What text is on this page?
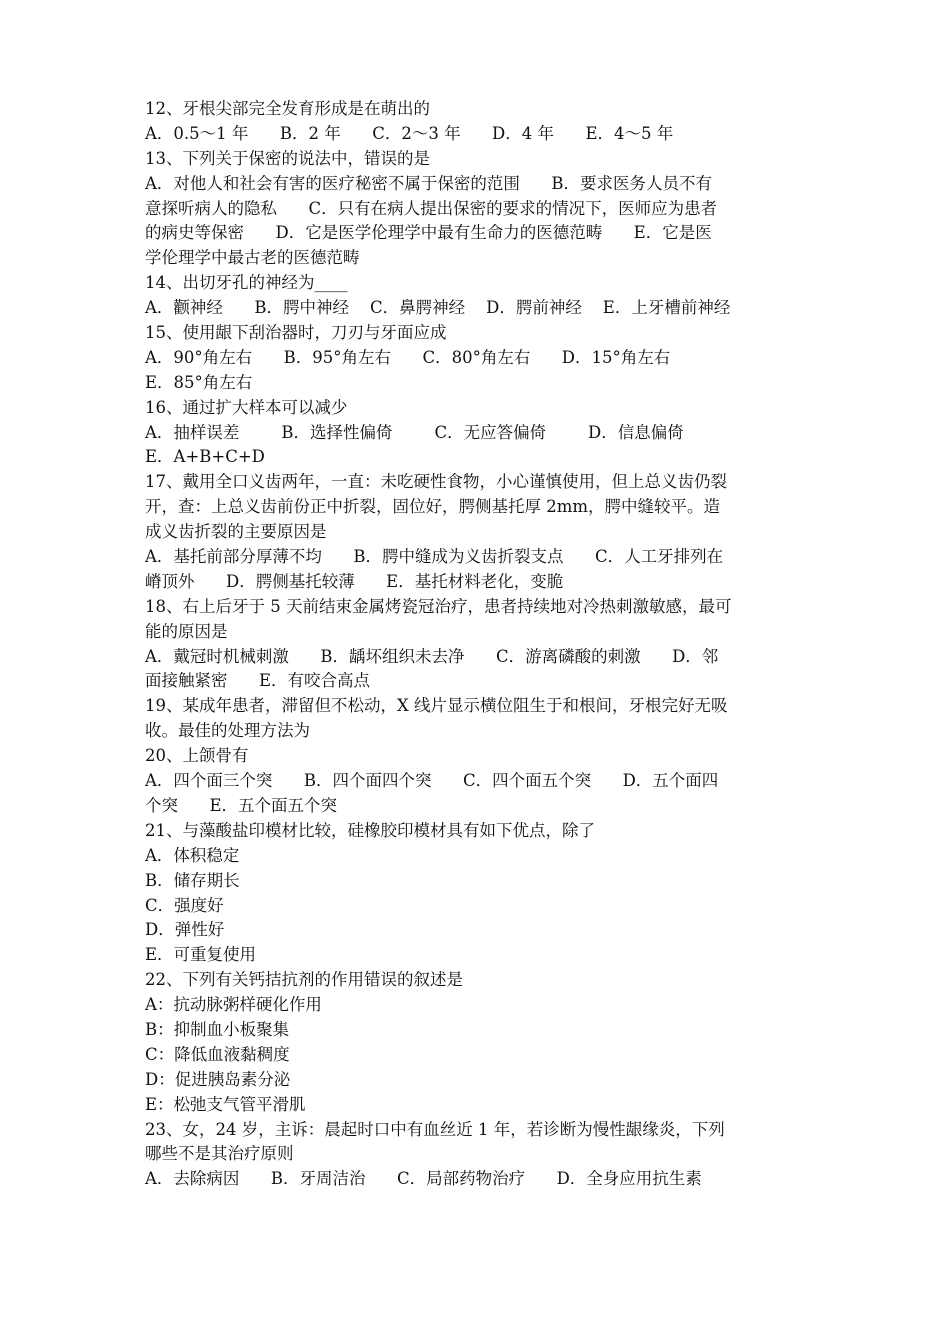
12、牙根尖部完全发育形成是在萌出的
A．0.5～1 年      B．2 年      C．2～3 年      D．4 年      E．4～5 年
13、下列关于保密的说法中，错误的是
A．对他人和社会有害的医疗秘密不属于保密的范围      B．要求医务人员不有
意探听病人的隐私      C．只有在病人提出保密的要求的情况下，医师应为患者
的病史等保密      D．它是医学伦理学中最有生命力的医德范畴      E．它是医
学伦理学中最古老的医德范畴
14、出切牙孔的神经为____
A．颧神经      B．腭中神经    C．鼻腭神经    D．腭前神经    E．上牙槽前神经
15、使用龈下刮治器时，刀刃与牙面应成
A．90°角左右      B．95°角左右      C．80°角左右      D．15°角左右
E．85°角左右
16、通过扩大样本可以减少
A．抽样误差        B．选择性偏倚        C．无应答偏倚        D．信息偏倚
E．A+B+C+D
17、戴用全口义齿两年，一直：未吃硬性食物，小心谨慎使用，但上总义齿仍裂
开，查：上总义齿前份正中折裂，固位好，腭侧基托厚 2mm，腭中缝较平。造
成义齿折裂的主要原因是
A．基托前部分厚薄不均      B．腭中缝成为义齿折裂支点      C．人工牙排列在
嵴顶外      D．腭侧基托较薄      E．基托材料老化，变脆
18、右上后牙于 5 天前结束金属烤瓷冠治疗，患者持续地对冷热刺激敏感，最可
能的原因是
A．戴冠时机械刺激      B．龋坏组织未去净      C．游离磷酸的刺激      D．邻
面接触紧密      E．有咬合高点
19、某成年患者，滞留但不松动，X 线片显示横位阻生于和根间，牙根完好无吸
收。最佳的处理方法为
20、上颌骨有
A．四个面三个突      B．四个面四个突      C．四个面五个突      D．五个面四
个突      E．五个面五个突
21、与藻酸盐印模材比较，硅橡胶印模材具有如下优点，除了
A．体积稳定
B．储存期长
C．强度好
D．弹性好
E．可重复使用
22、下列有关钙拮抗剂的作用错误的叙述是
A：抗动脉粥样硬化作用
B：抑制血小板聚集
C：降低血液黏稠度
D：促进胰岛素分泌
E：松弛支气管平滑肌
23、女，24 岁，主诉：晨起时口中有血丝近 1 年，若诊断为慢性龈缘炎，下列
哪些不是其治疗原则
A．去除病因      B．牙周洁治      C．局部药物治疗      D．全身应用抗生素
